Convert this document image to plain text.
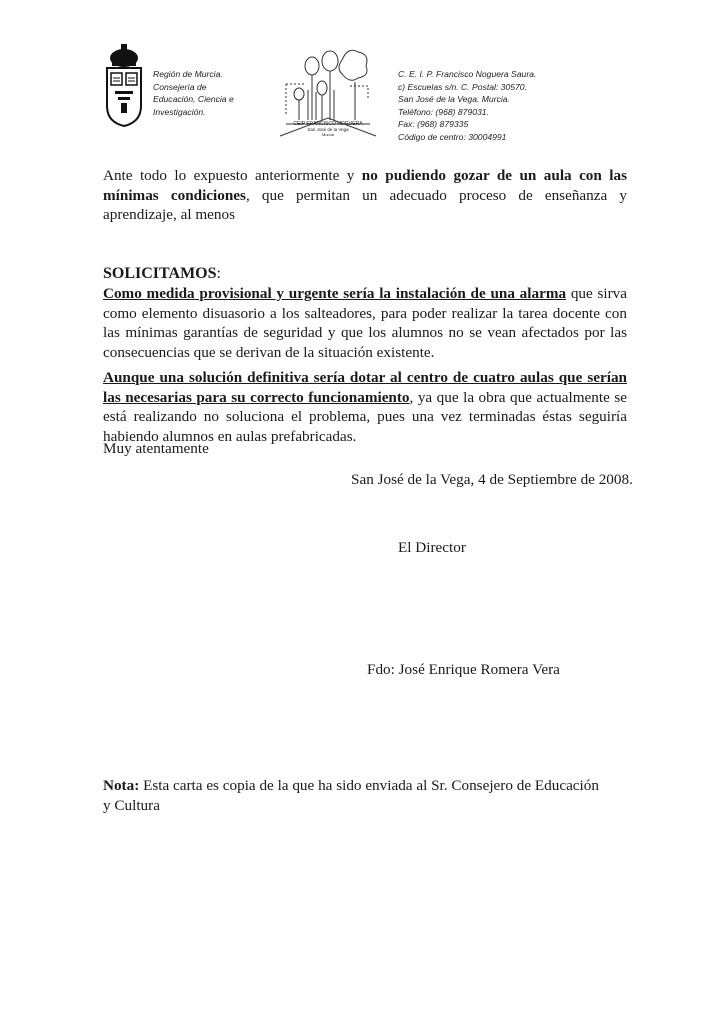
Región de Murcia.
Consejería de
Educación, Ciencia e
Investigación.
CEIP FRANCISCO NOGUERA
San José de la Vega
Murcia
C. E. I. P. Francisco Noguera Saura.
c) Escuelas s/n. C. Postal: 30570.
San José de la Vega. Murcia.
Teléfono: (968) 879031.
Fax: (968) 879335
Código de centro: 30004991
Ante todo lo expuesto anteriormente y no pudiendo gozar de un aula con las mínimas condiciones, que permitan un adecuado proceso de enseñanza y aprendizaje, al menos
SOLICITAMOS:
Como medida provisional y urgente sería la instalación de una alarma que sirva como elemento disuasorio a los salteadores, para poder realizar la tarea docente con las mínimas garantías de seguridad y que los alumnos no se vean afectados por las consecuencias que se derivan de la situación existente.
Aunque una solución definitiva sería dotar al centro de cuatro aulas que serían las necesarias para su correcto funcionamiento, ya que la obra que actualmente se está realizando no soluciona el problema, pues una vez terminadas éstas seguiría habiendo alumnos en aulas prefabricadas.
Muy atentamente
San José de la Vega, 4 de Septiembre de 2008.
El Director
Fdo: José Enrique Romera Vera
Nota: Esta carta es copia de la que ha sido enviada al Sr. Consejero de Educación y Cultura
